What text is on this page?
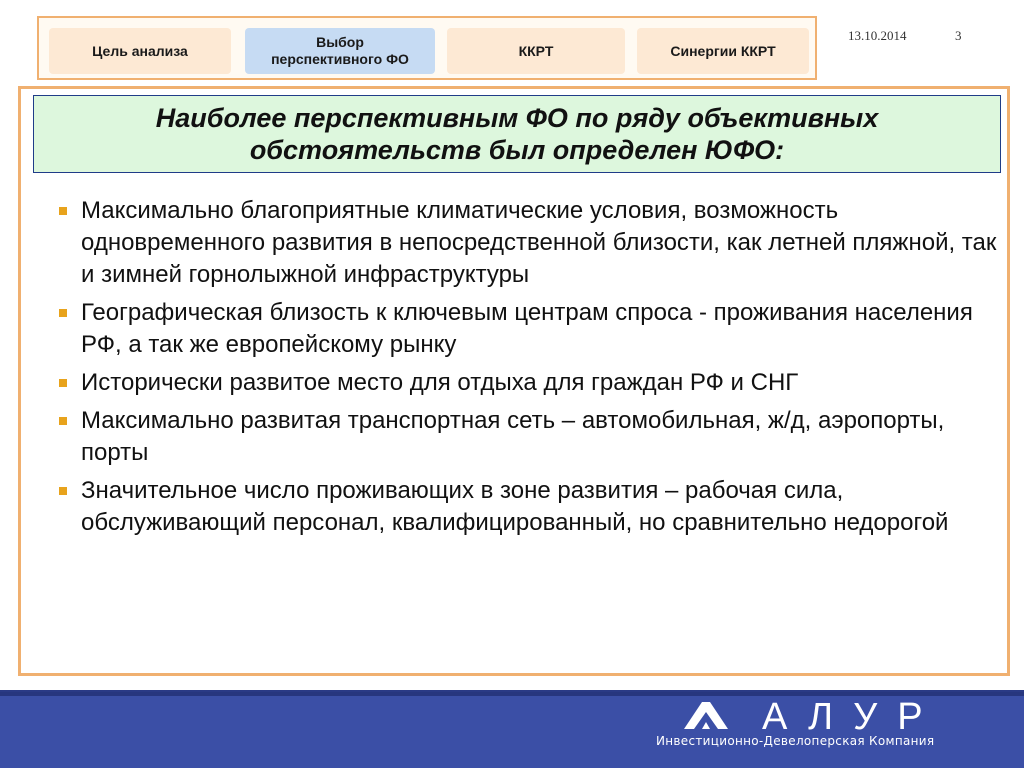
Цель анализа
Выбор
перспективного ФО
ККРТ	Синергии ККРТ
13.10.2014	3
Наиболее перспективным ФО по ряду объективных
обстоятельств был определен ЮФО:
Максимально благоприятные климатические условия, возможность одновременного развития в непосредственной близости, как летней пляжной, так и зимней горнолыжной инфраструктуры
Географическая близость к ключевым центрам спроса - проживания населения РФ, а так же европейскому рынку
Исторически развитое место для отдыха для граждан РФ и СНГ
Максимально развитая транспортная сеть – автомобильная, ж/д, аэропорты, порты
Значительное число проживающих в зоне развития – рабочая сила, обслуживающий персонал, квалифицированный, но сравнительно недорогой
АЛУР
Инвестиционно-Девелоперская Компания
